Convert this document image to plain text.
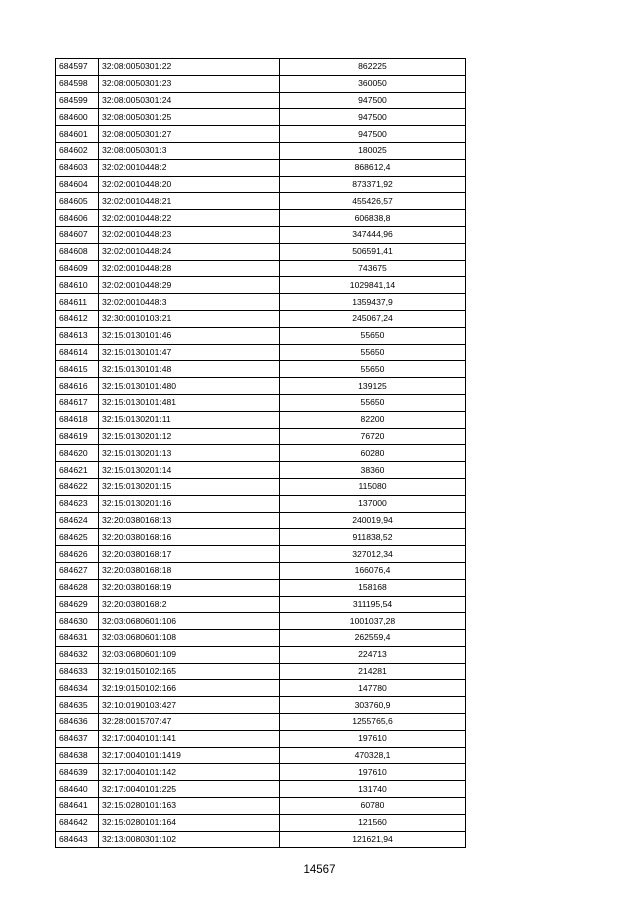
684597	32:08:0050301:22	862225
684598	32:08:0050301:23	360050
684599	32:08:0050301:24	947500
684600	32:08:0050301:25	947500
684601	32:08:0050301:27	947500
684602	32:08:0050301:3	180025
684603	32:02:0010448:2	868612,4
684604	32:02:0010448:20	873371,92
684605	32:02:0010448:21	455426,57
684606	32:02:0010448:22	606838,8
684607	32:02:0010448:23	347444,96
684608	32:02:0010448:24	506591,41
684609	32:02:0010448:28	743675
684610	32:02:0010448:29	1029841,14
684611	32:02:0010448:3	1359437,9
684612	32:30:0010103:21	245067,24
684613	32:15:0130101:46	55650
684614	32:15:0130101:47	55650
684615	32:15:0130101:48	55650
684616	32:15:0130101:480	139125
684617	32:15:0130101:481	55650
684618	32:15:0130201:11	82200
684619	32:15:0130201:12	76720
684620	32:15:0130201:13	60280
684621	32:15:0130201:14	38360
684622	32:15:0130201:15	115080
684623	32:15:0130201:16	137000
684624	32:20:0380168:13	240019,94
684625	32:20:0380168:16	911838,52
684626	32:20:0380168:17	327012,34
684627	32:20:0380168:18	166076,4
684628	32:20:0380168:19	158168
684629	32:20:0380168:2	311195,54
684630	32:03:0680601:106	1001037,28
684631	32:03:0680601:108	262559,4
684632	32:03:0680601:109	224713
684633	32:19:0150102:165	214281
684634	32:19:0150102:166	147780
684635	32:10:0190103:427	303760,9
684636	32:28:0015707:47	1255765,6
684637	32:17:0040101:141	197610
684638	32:17:0040101:1419	470328,1
684639	32:17:0040101:142	197610
684640	32:17:0040101:225	131740
684641	32:15:0280101:163	60780
684642	32:15:0280101:164	121560
684643	32:13:0080301:102	121621,94
14567
